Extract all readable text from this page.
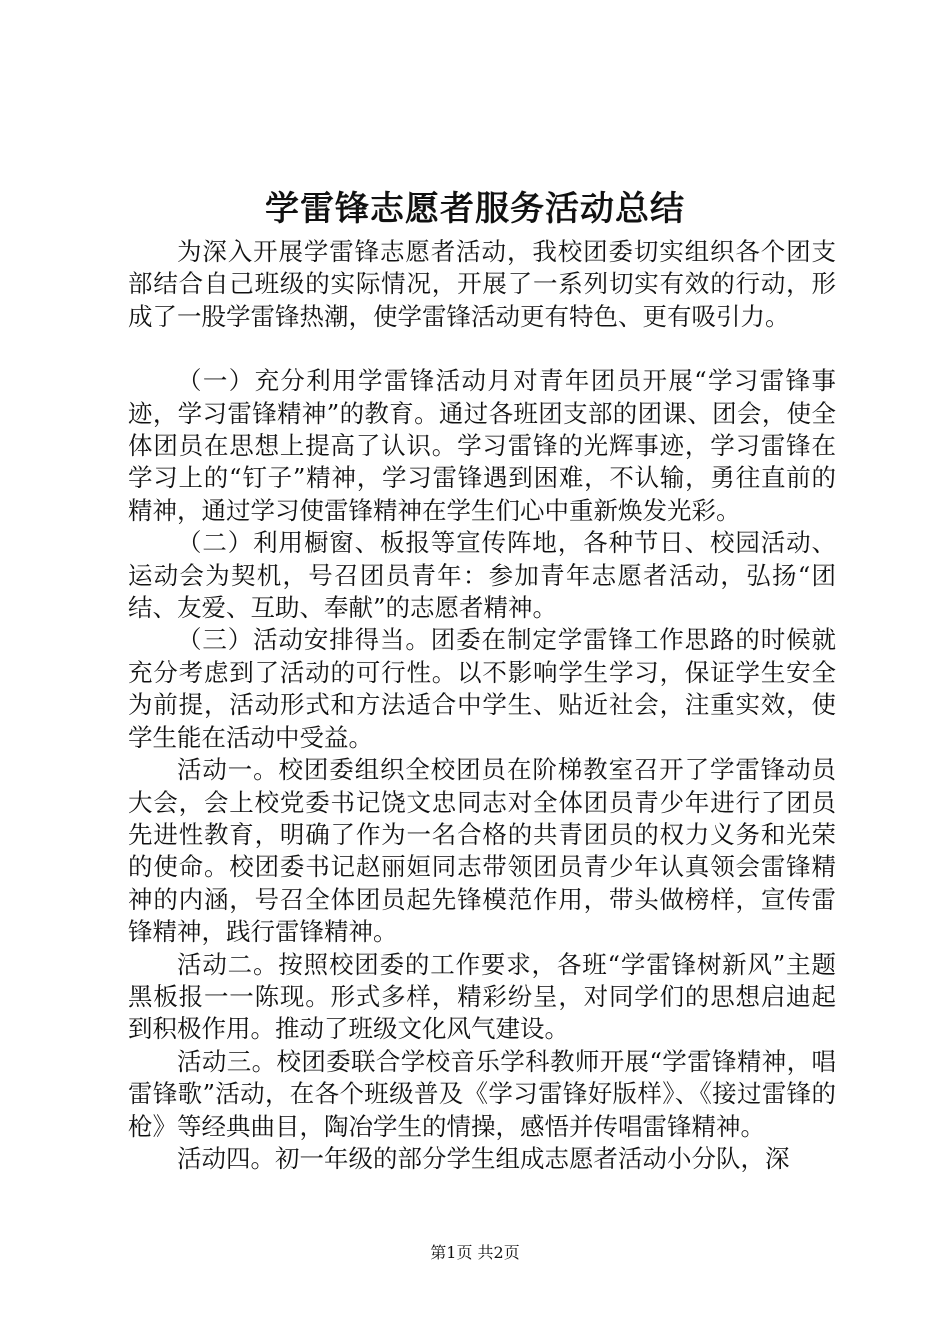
学雷锋志愿者服务活动总结

为深入开展学雷锋志愿者活动，我校团委切实组织各个团支部结合自己班级的实际情况，开展了一系列切实有效的行动，形成了一股学雷锋热潮，使学雷锋活动更有特色、更有吸引力。

（一）充分利用学雷锋活动月对青年团员开展“学习雷锋事迹，学习雷锋精神”的教育。通过各班团支部的团课、团会，使全体团员在思想上提高了认识。学习雷锋的光辉事迹，学习雷锋在学习上的“钉子”精神，学习雷锋遇到困难，不认输，勇往直前的精神，通过学习使雷锋精神在学生们心中重新焕发光彩。

（二）利用橱窗、板报等宣传阵地，各种节日、校园活动、运动会为契机，号召团员青年：参加青年志愿者活动，弘扬“团结、友爱、互助、奉献”的志愿者精神。

（三）活动安排得当。团委在制定学雷锋工作思路的时候就充分考虑到了活动的可行性。以不影响学生学习，保证学生安全为前提，活动形式和方法适合中学生、贴近社会，注重实效，使学生能在活动中受益。

活动一。校团委组织全校团员在阶梯教室召开了学雷锋动员大会，会上校党委书记饶文忠同志对全体团员青少年进行了团员先进性教育，明确了作为一名合格的共青团员的权力义务和光荣的使命。校团委书记赵丽姮同志带领团员青少年认真领会雷锋精神的内涵，号召全体团员起先锋模范作用，带头做榜样，宣传雷锋精神，践行雷锋精神。

活动二。按照校团委的工作要求，各班“学雷锋树新风”主题黑板报一一陈现。形式多样，精彩纷呈，对同学们的思想启迪起到积极作用。推动了班级文化风气建设。

活动三。校团委联合学校音乐学科教师开展“学雷锋精神，唱雷锋歌”活动，在各个班级普及《学习雷锋好版样》、《接过雷锋的枪》等经典曲目，陶冶学生的情操，感悟并传唱雷锋精神。

活动四。初一年级的部分学生组成志愿者活动小分队，深

第1页 共2页
